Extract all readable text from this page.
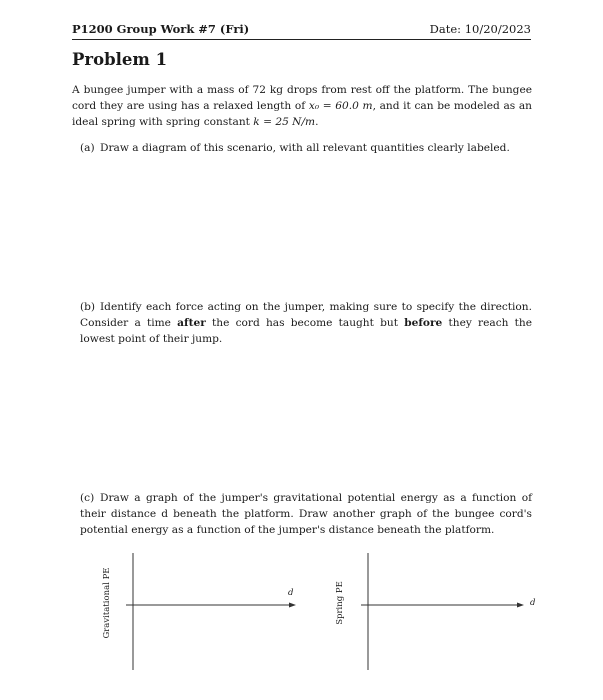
P1200 Group Work #7 (Fri)	Date: 10/20/2023
Problem 1

A bungee jumper with a mass of 72 kg drops from rest off the platform. The bungee cord they are using has a relaxed length of x₀ = 60.0 m, and it can be modeled as an ideal spring with spring constant k = 25 N/m.

(a) Draw a diagram of this scenario, with all relevant quantities clearly labeled.

(b) Identify each force acting on the jumper, making sure to specify the direction. Consider a time after the cord has become taught but before they reach the lowest point of their jump.

(c) Draw a graph of the jumper's gravitational potential energy as a function of their distance d beneath the platform. Draw another graph of the bungee cord's potential energy as a function of the jumper's distance beneath the platform.

Gravitational PE	d	Spring PE	d
